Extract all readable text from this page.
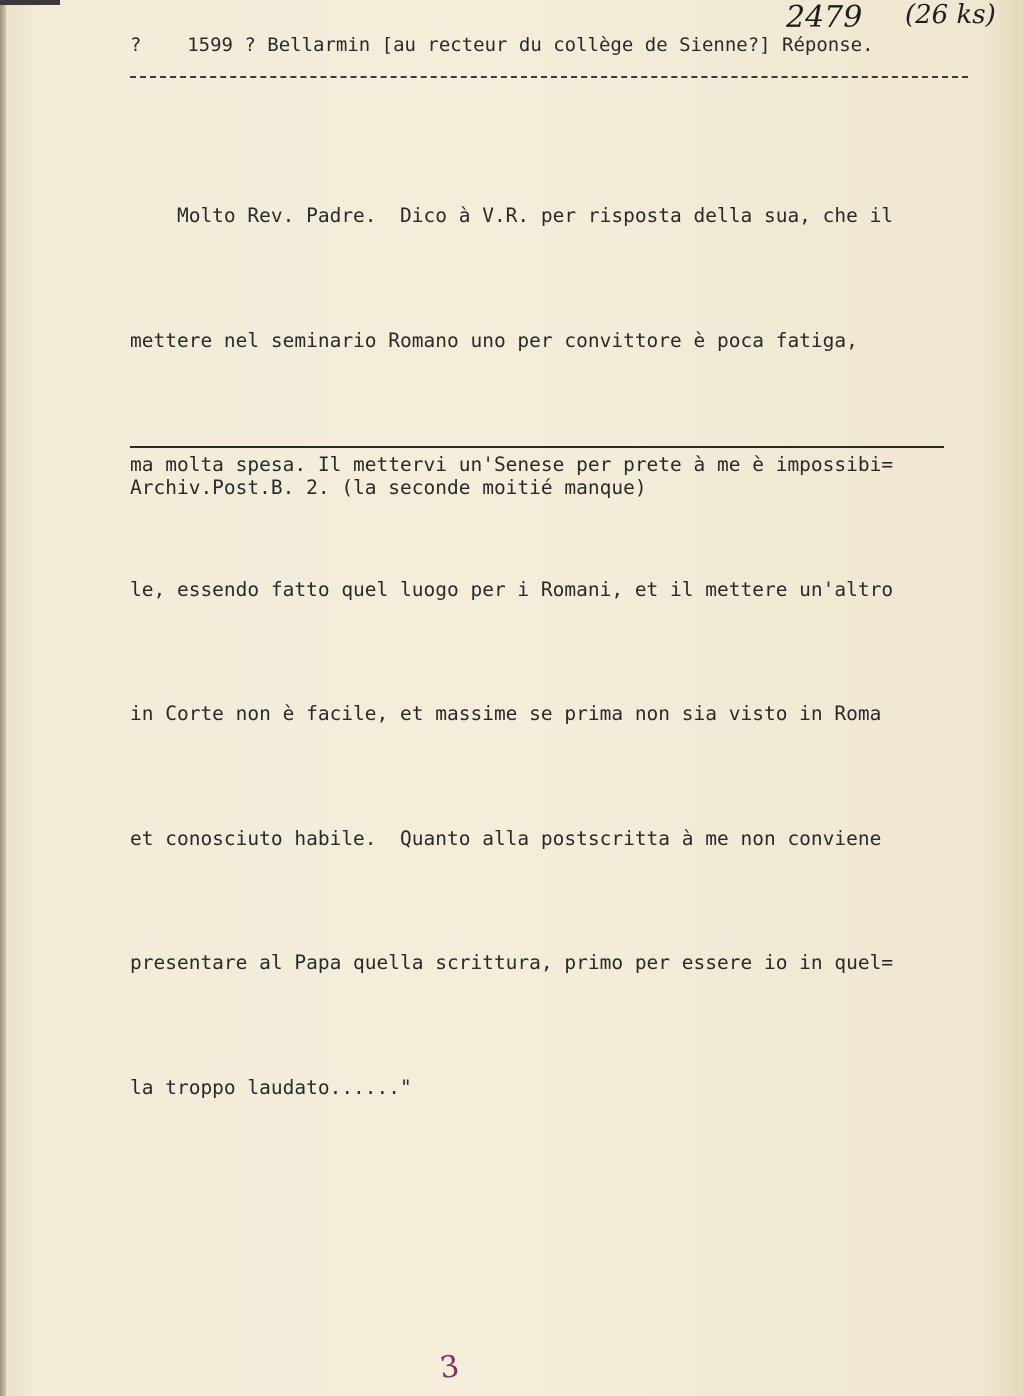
2479 (26 ks)
?    1599 ? Bellarmin [au recteur du collège de Sienne?] Réponse.

Molto Rev. Padre.  Dico à V.R. per risposta della sua, che il

mettere nel seminario Romano uno per convittore è poca fatiga,

ma molta spesa. Il mettervi un'Senese per prete à me è impossibi=

le, essendo fatto quel luogo per i Romani, et il mettere un'altro

in Corte non è facile, et massime se prima non sia visto in Roma

et conosciuto habile.  Quanto alla postscritta à me non conviene

presentare al Papa quella scrittura, primo per essere io in quel=

la troppo laudato......"

Archiv.Post.B. 2. (la seconde moitié manque)
3
